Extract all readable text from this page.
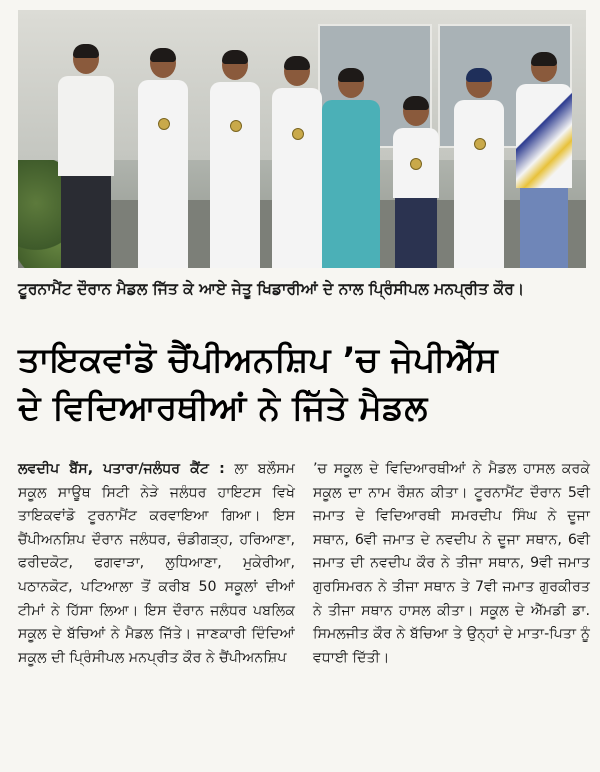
ਟੂਰਨਾਮੈਂਟ ਦੌਰਾਨ ਮੈਡਲ ਜਿੱਤ ਕੇ ਆਏ ਜੇਤੂ ਖਿਡਾਰੀਆਂ ਦੇ ਨਾਲ ਪ੍ਰਿੰਸੀਪਲ ਮਨਪ੍ਰੀਤ ਕੌਰ।
ਤਾਇਕਵਾਂਡੋ ਚੈਂਪੀਅਨਸ਼ਿਪ ’ਚ ਜੇਪੀਐੱਸ
ਦੇ ਵਿਦਿਆਰਥੀਆਂ ਨੇ ਜਿੱਤੇ ਮੈਡਲ
ਲਵਦੀਪ ਬੈਂਸ, ਪਤਾਰਾ/ਜਲੰਧਰ ਕੈਂਟ : ਲਾ ਬਲੌਸਮ ਸਕੂਲ ਸਾਊਥ ਸਿਟੀ ਨੇੜੇ ਜਲੰਧਰ ਹਾਇਟਸ ਵਿਖੇ ਤਾਇਕਵਾਂਡੋ ਟੂਰਨਾਮੈਂਟ ਕਰਵਾਇਆ ਗਿਆ। ਇਸ ਚੈਂਪੀਅਨਸ਼ਿਪ ਦੌਰਾਨ ਜਲੰਧਰ, ਚੰਡੀਗੜ੍ਹ, ਹਰਿਆਣਾ, ਫਰੀਦਕੋਟ, ਫਗਵਾੜਾ, ਲੁਧਿਆਣਾ, ਮੁਕੇਰੀਆ, ਪਠਾਨਕੋਟ, ਪਟਿਆਲਾ ਤੋਂ ਕਰੀਬ 50 ਸਕੂਲਾਂ ਦੀਆਂ ਟੀਮਾਂ ਨੇ ਹਿੱਸਾ ਲਿਆ। ਇਸ ਦੌਰਾਨ ਜਲੰਧਰ ਪਬਲਿਕ ਸਕੂਲ ਦੇ ਬੱਚਿਆਂ ਨੇ ਮੈਡਲ ਜਿੱਤੇ। ਜਾਣਕਾਰੀ ਦਿੰਦਿਆਂ ਸਕੂਲ ਦੀ ਪ੍ਰਿੰਸੀਪਲ ਮਨਪ੍ਰੀਤ ਕੌਰ ਨੇ ਚੈਂਪੀਅਨਸ਼ਿਪ
’ਚ ਸਕੂਲ ਦੇ ਵਿਦਿਆਰਥੀਆਂ ਨੇ ਮੈਡਲ ਹਾਸਲ ਕਰਕੇ ਸਕੂਲ ਦਾ ਨਾਮ ਰੌਸ਼ਨ ਕੀਤਾ। ਟੂਰਨਾਮੈਂਟ ਦੌਰਾਨ 5ਵੀ ਜਮਾਤ ਦੇ ਵਿਦਿਆਰਥੀ ਸਮਰਦੀਪ ਸਿੰਘ ਨੇ ਦੂਜਾ ਸਥਾਨ, 6ਵੀ ਜਮਾਤ ਦੇ ਨਵਦੀਪ ਨੇ ਦੂਜਾ ਸਥਾਨ, 6ਵੀ ਜਮਾਤ ਦੀ ਨਵਦੀਪ ਕੌਰ ਨੇ ਤੀਜਾ ਸਥਾਨ, 9ਵੀ ਜਮਾਤ ਗੁਰਸਿਮਰਨ ਨੇ ਤੀਜਾ ਸਥਾਨ ਤੇ 7ਵੀ ਜਮਾਤ ਗੁਰਕੀਰਤ ਨੇ ਤੀਜਾ ਸਥਾਨ ਹਾਸਲ ਕੀਤਾ। ਸਕੂਲ ਦੇ ਐੱਮਡੀ ਡਾ. ਸਿਮਲਜੀਤ ਕੌਰ ਨੇ ਬੱਚਿਆ ਤੇ ਉਨ੍ਹਾਂ ਦੇ ਮਾਤਾ-ਪਿਤਾ ਨੂੰ ਵਧਾਈ ਦਿੱਤੀ।
